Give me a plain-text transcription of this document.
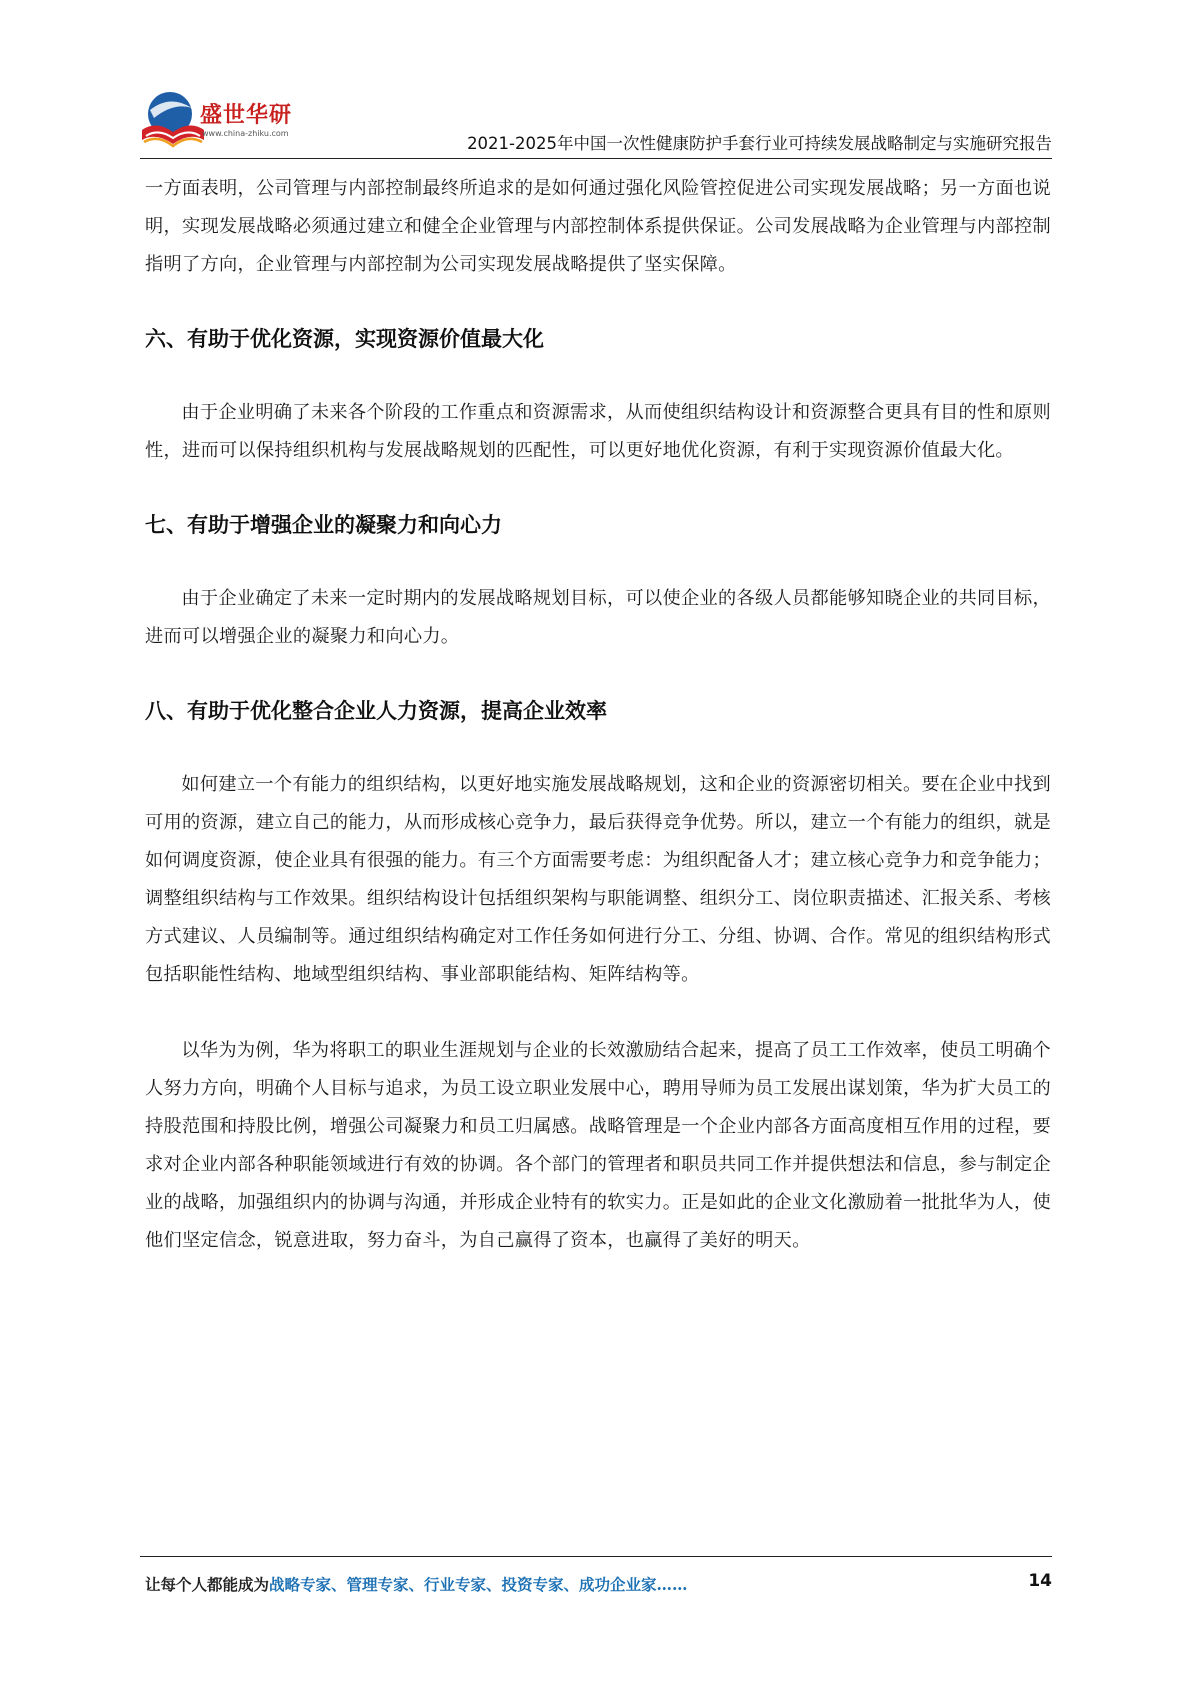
盛世华研
www.china-zhiku.com
2021-2025年中国一次性健康防护手套行业可持续发展战略制定与实施研究报告

一方面表明，公司管理与内部控制最终所追求的是如何通过强化风险管控促进公司实现发展战略；另一方面也说明，实现发展战略必须通过建立和健全企业管理与内部控制体系提供保证。公司发展战略为企业管理与内部控制指明了方向，企业管理与内部控制为公司实现发展战略提供了坚实保障。

六、有助于优化资源，实现资源价值最大化

由于企业明确了未来各个阶段的工作重点和资源需求，从而使组织结构设计和资源整合更具有目的性和原则性，进而可以保持组织机构与发展战略规划的匹配性，可以更好地优化资源，有利于实现资源价值最大化。

七、有助于增强企业的凝聚力和向心力

由于企业确定了未来一定时期内的发展战略规划目标，可以使企业的各级人员都能够知晓企业的共同目标，进而可以增强企业的凝聚力和向心力。

八、有助于优化整合企业人力资源，提高企业效率

如何建立一个有能力的组织结构，以更好地实施发展战略规划，这和企业的资源密切相关。要在企业中找到可用的资源，建立自己的能力，从而形成核心竞争力，最后获得竞争优势。所以，建立一个有能力的组织，就是如何调度资源，使企业具有很强的能力。有三个方面需要考虑：为组织配备人才；建立核心竞争力和竞争能力；调整组织结构与工作效果。组织结构设计包括组织架构与职能调整、组织分工、岗位职责描述、汇报关系、考核方式建议、人员编制等。通过组织结构确定对工作任务如何进行分工、分组、协调、合作。常见的组织结构形式包括职能性结构、地域型组织结构、事业部职能结构、矩阵结构等。

以华为为例，华为将职工的职业生涯规划与企业的长效激励结合起来，提高了员工工作效率，使员工明确个人努力方向，明确个人目标与追求，为员工设立职业发展中心，聘用导师为员工发展出谋划策，华为扩大员工的持股范围和持股比例，增强公司凝聚力和员工归属感。战略管理是一个企业内部各方面高度相互作用的过程，要求对企业内部各种职能领域进行有效的协调。各个部门的管理者和职员共同工作并提供想法和信息，参与制定企业的战略，加强组织内的协调与沟通，并形成企业特有的软实力。正是如此的企业文化激励着一批批华为人，使他们坚定信念，锐意进取，努力奋斗，为自己赢得了资本，也赢得了美好的明天。

让每个人都能成为战略专家、管理专家、行业专家、投资专家、成功企业家……	14
